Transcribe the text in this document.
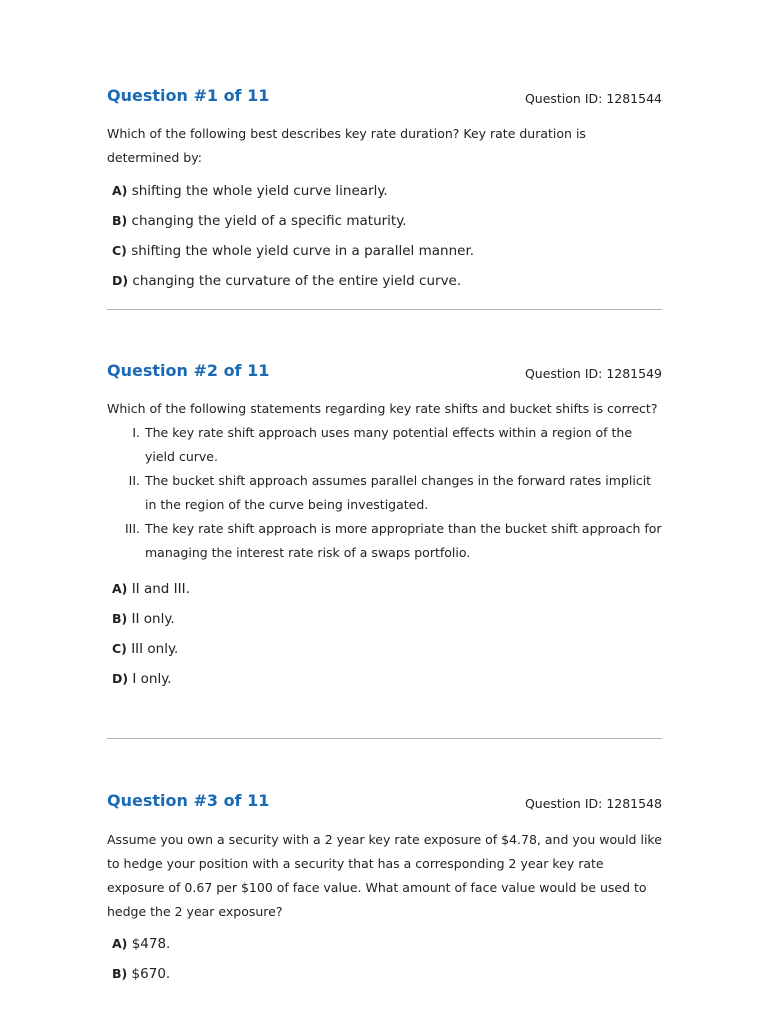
Question #1 of 11	Question ID: 1281544

Which of the following best describes key rate duration? Key rate duration is determined by:

A) shifting the whole yield curve linearly.
B) changing the yield of a specific maturity.
C) shifting the whole yield curve in a parallel manner.
D) changing the curvature of the entire yield curve.
Question #2 of 11	Question ID: 1281549

Which of the following statements regarding key rate shifts and bucket shifts is correct?

I. The key rate shift approach uses many potential effects within a region of the yield curve.
II. The bucket shift approach assumes parallel changes in the forward rates implicit in the region of the curve being investigated.
III. The key rate shift approach is more appropriate than the bucket shift approach for managing the interest rate risk of a swaps portfolio.
A) II and III.
B) II only.
C) III only.
D) I only.
Question #3 of 11	Question ID: 1281548

Assume you own a security with a 2 year key rate exposure of $4.78, and you would like to hedge your position with a security that has a corresponding 2 year key rate exposure of 0.67 per $100 of face value. What amount of face value would be used to hedge the 2 year exposure?

A) $478.
B) $670.
